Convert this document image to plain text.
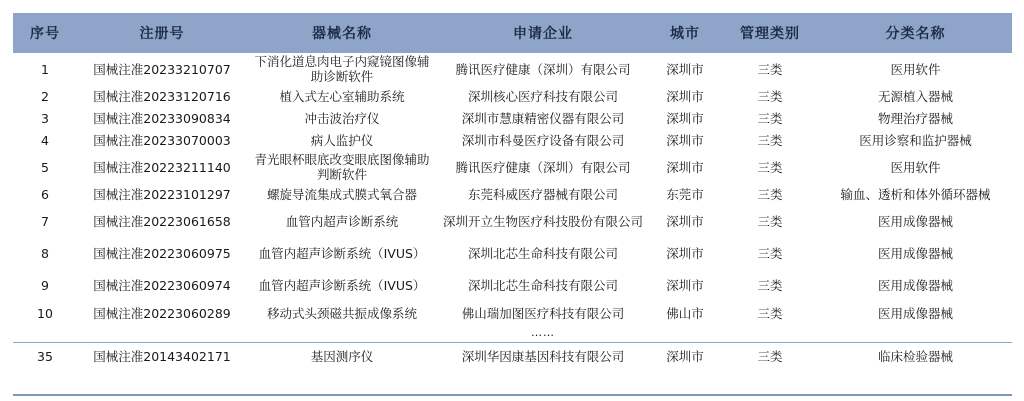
序号	注册号	器械名称	申请企业	城市	管理类别	分类名称
1	国械注准20233210707	下消化道息肉电子内窥镜图像辅助诊断软件	腾讯医疗健康（深圳）有限公司	深圳市	三类	医用软件
2	国械注准20233120716	植入式左心室辅助系统	深圳核心医疗科技有限公司	深圳市	三类	无源植入器械
3	国械注准20233090834	冲击波治疗仪	深圳市慧康精密仪器有限公司	深圳市	三类	物理治疗器械
4	国械注准20233070003	病人监护仪	深圳市科曼医疗设备有限公司	深圳市	三类	医用诊察和监护器械
5	国械注准20223211140	青光眼杯眼底改变眼底图像辅助判断软件	腾讯医疗健康（深圳）有限公司	深圳市	三类	医用软件
6	国械注准20223101297	螺旋导流集成式膜式氧合器	东莞科威医疗器械有限公司	东莞市	三类	输血、透析和体外循环器械
7	国械注准20223061658	血管内超声诊断系统	深圳开立生物医疗科技股份有限公司	深圳市	三类	医用成像器械
8	国械注准20223060975	血管内超声诊断系统（IVUS）	深圳北芯生命科技有限公司	深圳市	三类	医用成像器械
9	国械注准20223060974	血管内超声诊断系统（IVUS）	深圳北芯生命科技有限公司	深圳市	三类	医用成像器械
10	国械注准20223060289	移动式头颈磁共振成像系统	佛山瑞加图医疗科技有限公司	佛山市	三类	医用成像器械
			……			
35	国械注准20143402171	基因测序仪	深圳华因康基因科技有限公司	深圳市	三类	临床检验器械
